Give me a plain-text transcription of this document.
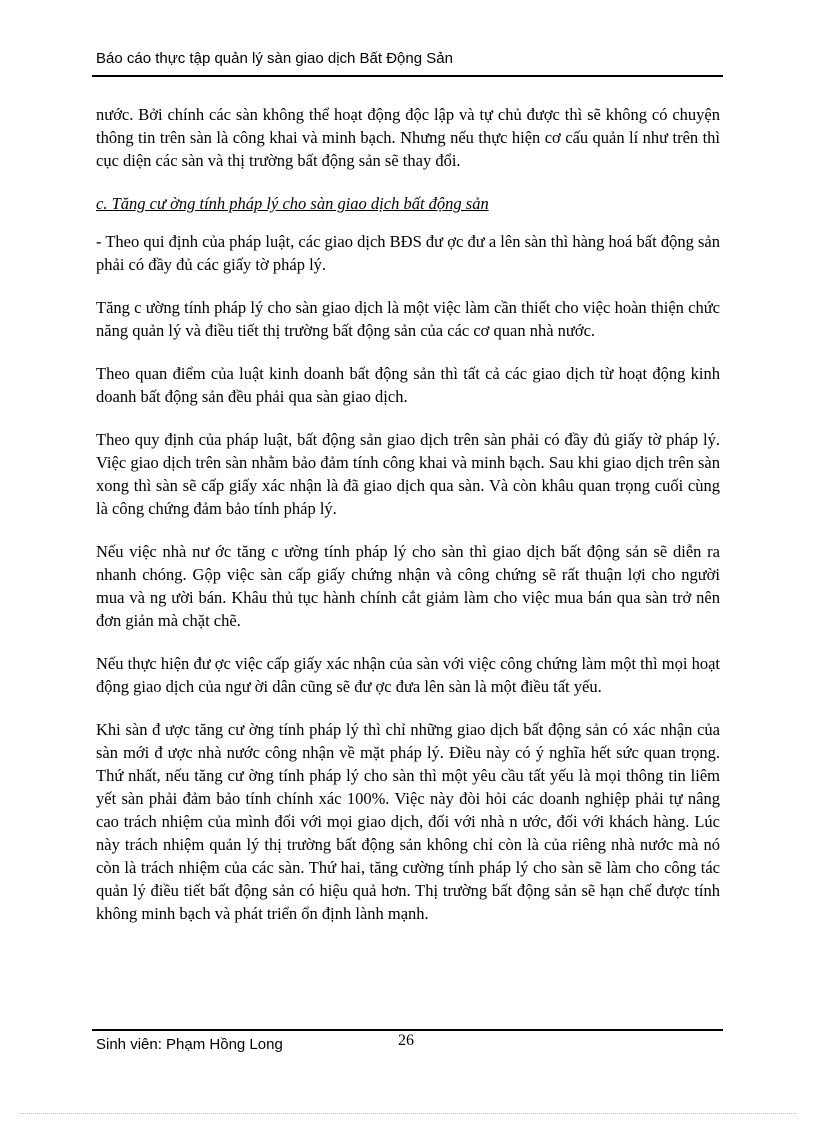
Báo cáo thực tập quản lý sàn giao dịch Bất Động Sản

nước. Bởi chính các sàn không thể hoạt động độc lập và tự chủ được thì sẽ không có chuyện thông tin trên sàn là công khai và minh bạch. Nhưng nếu thực hiện cơ cấu quản lí như trên thì cục diện các sàn và thị trường bất động sản sẽ thay đổi.

c. Tăng cư ờng tính pháp lý cho sàn giao dịch bất động sản

- Theo qui định của pháp luật, các giao dịch BĐS đư ợc đư a lên sàn thì hàng hoá bất động sản phải có đầy đủ các giấy tờ pháp lý.

Tăng c ường tính pháp lý cho sàn giao dịch là một việc làm cần thiết cho việc hoàn thiện chức năng quản lý và điều tiết thị trường bất động sản của các cơ quan nhà nước.

Theo quan điểm của luật kinh doanh bất động sản thì tất cả các giao dịch từ hoạt động kinh doanh bất động sản đều phải qua sàn giao dịch.

Theo quy định của pháp luật, bất động sản giao dịch trên sàn phải có đầy đủ giấy tờ pháp lý. Việc giao dịch trên sàn nhằm bảo đảm tính công khai và minh bạch. Sau khi giao dịch trên sàn xong thì sàn sẽ cấp giấy xác nhận là đã giao dịch qua sàn. Và còn khâu quan trọng cuối cùng là công chứng đảm bảo tính pháp lý.

Nếu việc nhà nư ớc tăng c ường tính pháp lý cho sàn thì giao dịch bất động sản sẽ diễn ra nhanh chóng. Gộp việc sàn cấp giấy chứng nhận và công chứng sẽ rất thuận lợi cho người mua và ng ười bán. Khâu thủ tục hành chính cắt giảm làm cho việc mua bán qua sàn trở nên đơn giản mà chặt chẽ.

Nếu thực hiện đư ợc việc cấp giấy xác nhận của sàn với việc công chứng làm một thì mọi hoạt động giao dịch của ngư ời dân cũng sẽ đư ợc đưa lên sàn là một điều tất yếu.

Khi sàn đ ược tăng cư ờng tính pháp lý thì chỉ những giao dịch bất động sản có xác nhận của sàn mới đ ược nhà nước công nhận về mặt pháp lý. Điều này có ý nghĩa hết sức quan trọng. Thứ nhất, nếu tăng cư ờng tính pháp lý cho sàn thì một yêu cầu tất yếu là mọi thông tin liêm yết sàn phải đảm bảo tính chính xác 100%. Việc này đòi hỏi các doanh nghiệp phải tự nâng cao trách nhiệm của mình đối với mọi giao dịch, đối với nhà n ước, đối với khách hàng. Lúc này trách nhiệm quản lý thị trường bất động sản không chỉ còn là của riêng nhà nước mà nó còn là trách nhiệm của các sàn. Thứ hai, tăng cường tính pháp lý cho sàn sẽ làm cho công tác quản lý điều tiết bất động sản có hiệu quả hơn. Thị trường bất động sản sẽ hạn chế được tính không minh bạch và phát triển ổn định lành mạnh.

Sinh viên: Phạm Hồng Long	26
